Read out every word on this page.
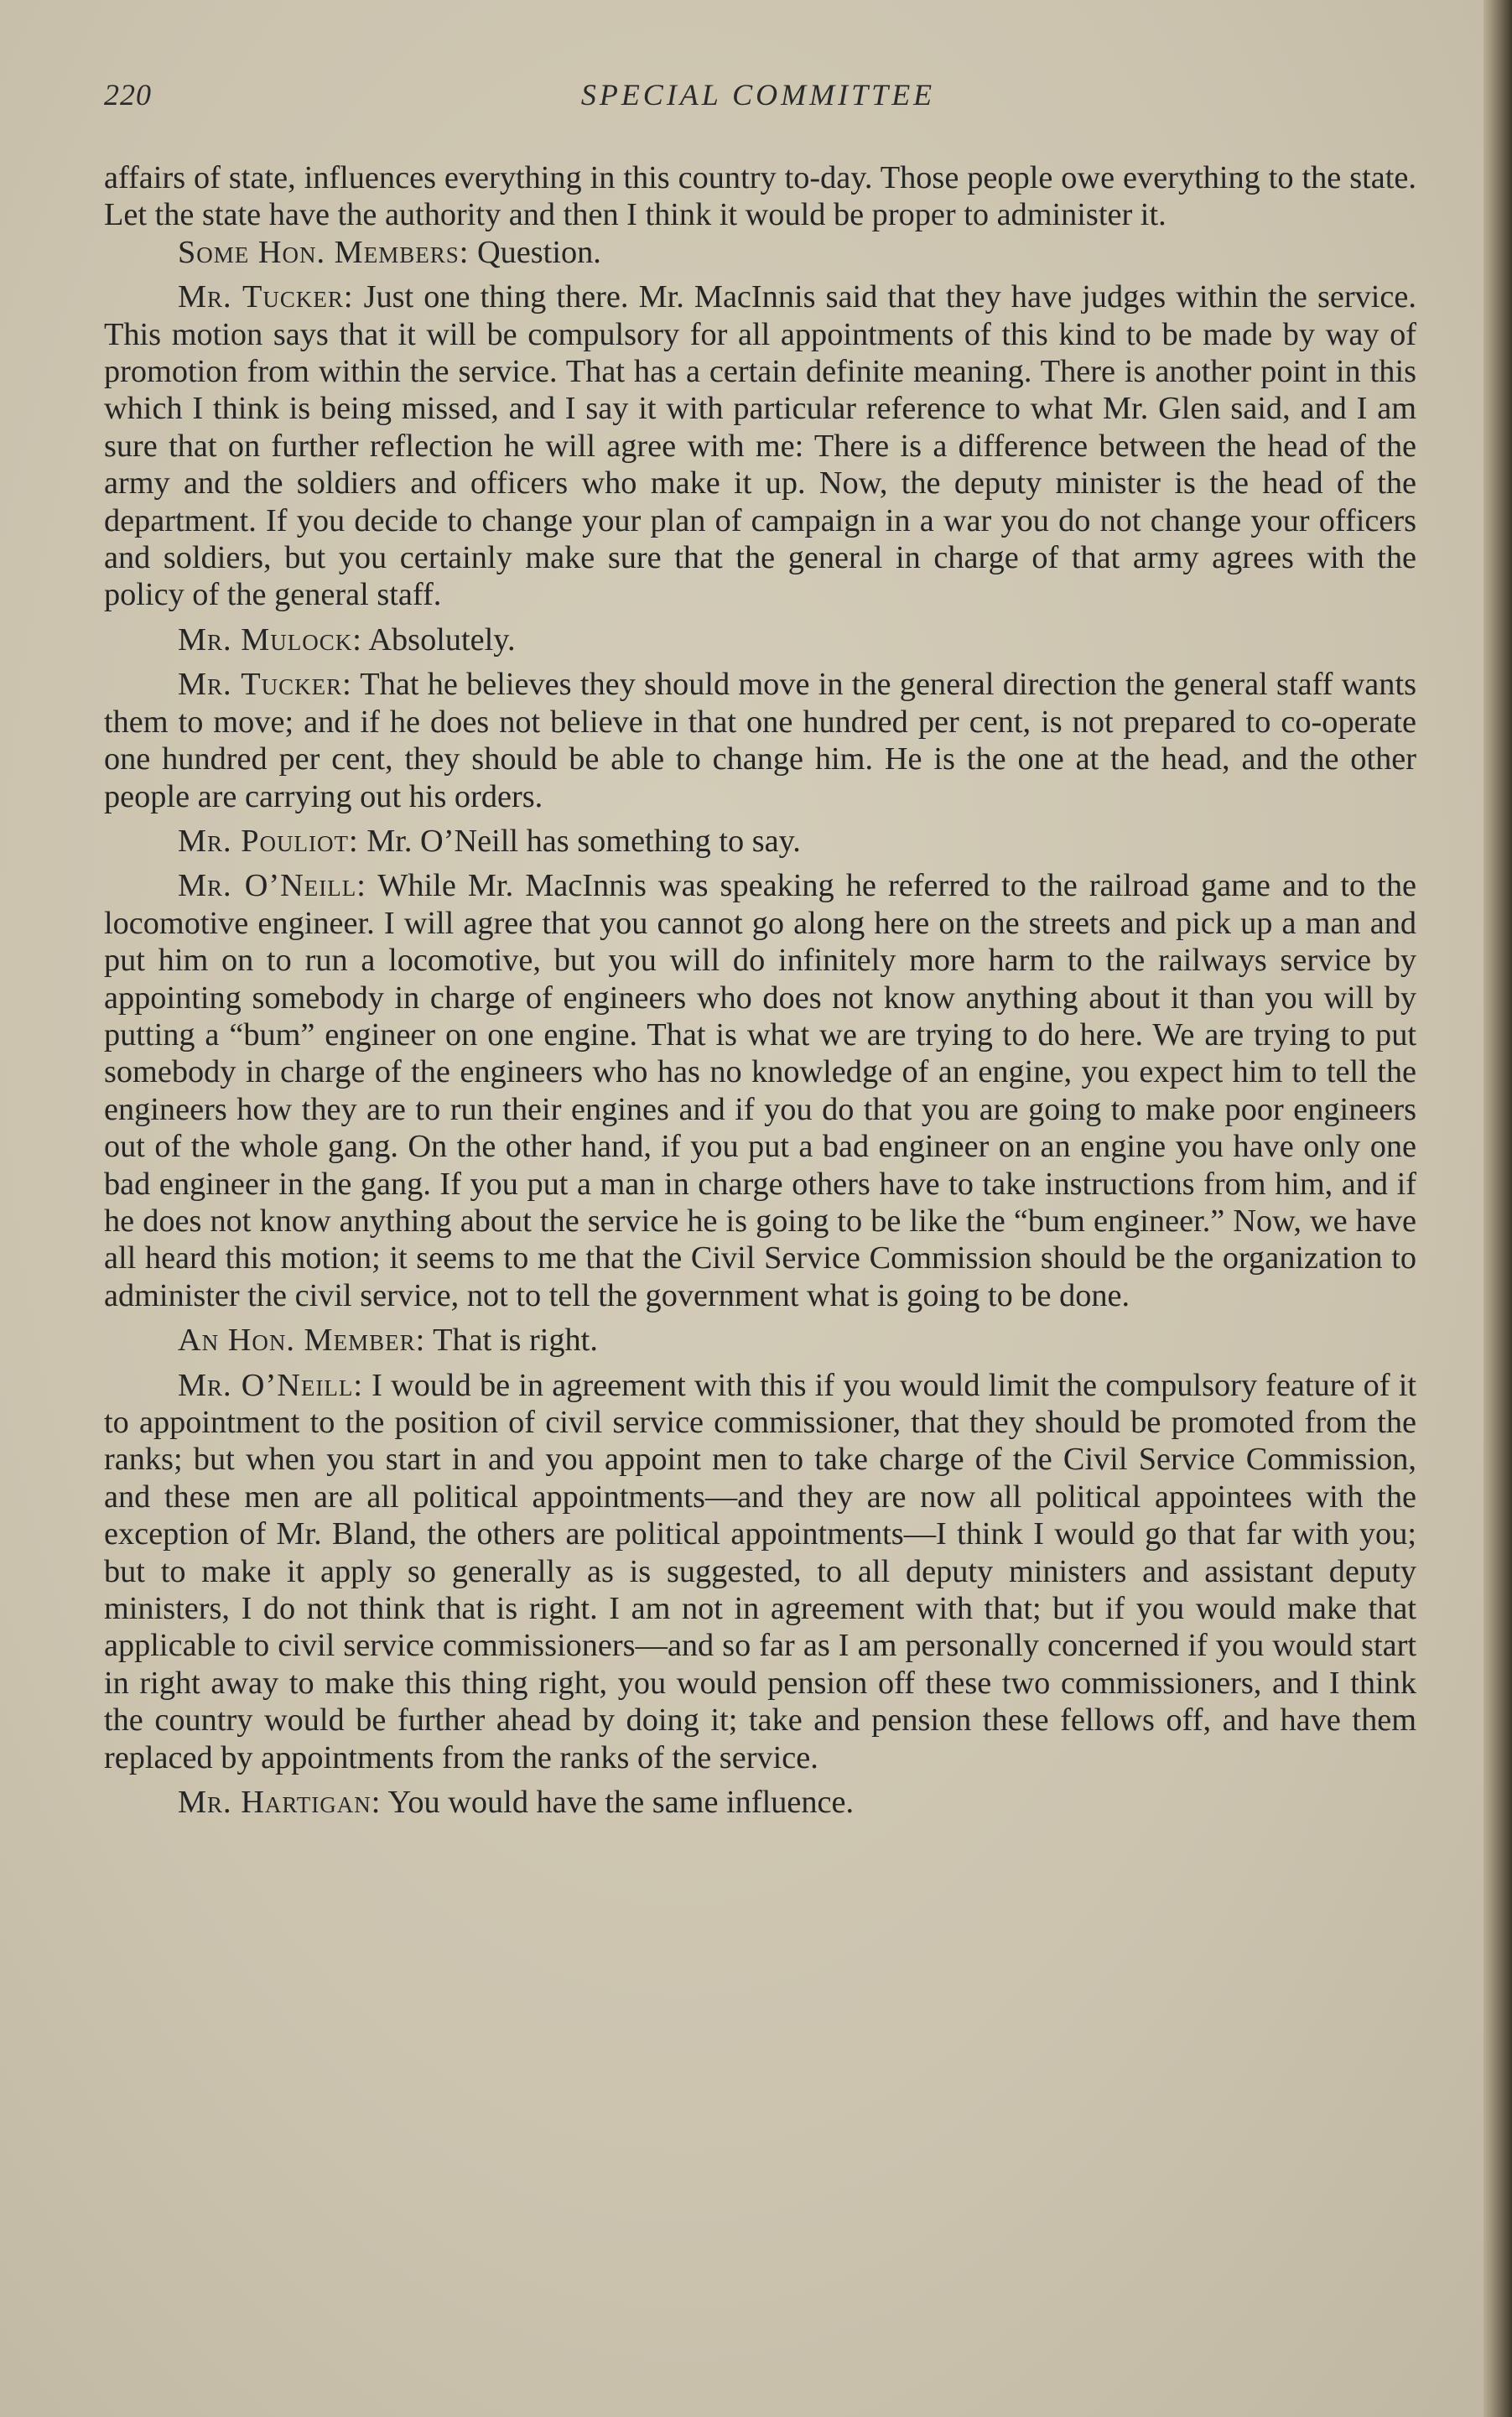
220	SPECIAL COMMITTEE

affairs of state, influences everything in this country to-day. Those people owe everything to the state. Let the state have the authority and then I think it would be proper to administer it.

Some Hon. Members: Question.

Mr. Tucker: Just one thing there. Mr. MacInnis said that they have judges within the service. This motion says that it will be compulsory for all appointments of this kind to be made by way of promotion from within the service. That has a certain definite meaning. There is another point in this which I think is being missed, and I say it with particular reference to what Mr. Glen said, and I am sure that on further reflection he will agree with me: There is a difference between the head of the army and the soldiers and officers who make it up. Now, the deputy minister is the head of the department. If you decide to change your plan of campaign in a war you do not change your officers and soldiers, but you certainly make sure that the general in charge of that army agrees with the policy of the general staff.

Mr. Mulock: Absolutely.

Mr. Tucker: That he believes they should move in the general direction the general staff wants them to move; and if he does not believe in that one hundred per cent, is not prepared to co-operate one hundred per cent, they should be able to change him. He is the one at the head, and the other people are carrying out his orders.

Mr. Pouliot: Mr. O’Neill has something to say.

Mr. O’Neill: While Mr. MacInnis was speaking he referred to the railroad game and to the locomotive engineer. I will agree that you cannot go along here on the streets and pick up a man and put him on to run a locomotive, but you will do infinitely more harm to the railways service by appointing somebody in charge of engineers who does not know anything about it than you will by putting a “bum” engineer on one engine. That is what we are trying to do here. We are trying to put somebody in charge of the engineers who has no knowledge of an engine, you expect him to tell the engineers how they are to run their engines and if you do that you are going to make poor engineers out of the whole gang. On the other hand, if you put a bad engineer on an engine you have only one bad engineer in the gang. If you put a man in charge others have to take instructions from him, and if he does not know anything about the service he is going to be like the “bum engineer.” Now, we have all heard this motion; it seems to me that the Civil Service Commission should be the organization to administer the civil service, not to tell the government what is going to be done.

An Hon. Member: That is right.

Mr. O’Neill: I would be in agreement with this if you would limit the compulsory feature of it to appointment to the position of civil service commissioner, that they should be promoted from the ranks; but when you start in and you appoint men to take charge of the Civil Service Commission, and these men are all political appointments—and they are now all political appointees with the exception of Mr. Bland, the others are political appointments—I think I would go that far with you; but to make it apply so generally as is suggested, to all deputy ministers and assistant deputy ministers, I do not think that is right. I am not in agreement with that; but if you would make that applicable to civil service commissioners—and so far as I am personally concerned if you would start in right away to make this thing right, you would pension off these two commissioners, and I think the country would be further ahead by doing it; take and pension these fellows off, and have them replaced by appointments from the ranks of the service.

Mr. Hartigan: You would have the same influence.
